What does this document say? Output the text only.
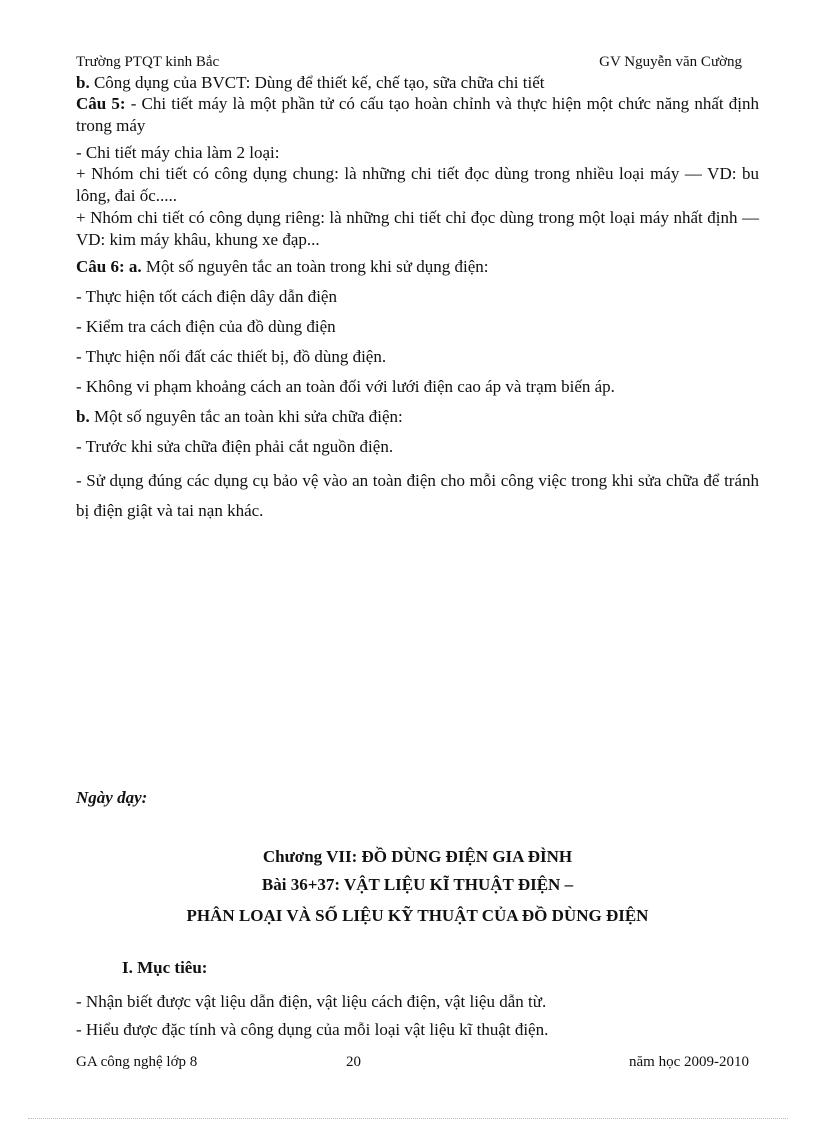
Trường PTQT kinh Bắc	GV Nguyễn văn Cường

b. Công dụng của BVCT: Dùng để thiết kế, chế tạo, sữa chữa chi tiết

Câu 5: - Chi tiết máy là một phần tử có cấu tạo hoàn chỉnh và thực hiện một chức năng nhất định trong máy

- Chi tiết máy chia làm 2 loại:

+ Nhóm chi tiết có công dụng chung: là những chi tiết đọc dùng trong nhiều loại máy — VD: bu lông, đai ốc.....

+ Nhóm chi tiết có công dụng riêng: là những chi tiết chỉ đọc dùng trong một loại máy nhất định — VD: kim máy khâu, khung xe đạp...

Câu 6: a. Một số nguyên tắc an toàn trong khi sử dụng điện:

- Thực hiện tốt cách điện dây dẫn điện

- Kiểm tra cách điện của đồ dùng điện

- Thực hiện nối đất các thiết bị, đồ dùng điện.

- Không vi phạm khoảng cách an toàn đối với lưới điện cao áp và trạm biến áp.

b. Một số nguyên tắc an toàn khi sửa chữa điện:

- Trước khi sửa chữa điện phải cắt nguồn điện.

- Sử dụng đúng các dụng cụ bảo vệ vào an toàn điện cho mỗi công việc trong khi sửa chữa để tránh bị điện giật và tai nạn khác.

Ngày dạy:
Chương VII: ĐỒ DÙNG ĐIỆN GIA ĐÌNH
Bài 36+37: VẬT LIỆU KĨ THUẬT ĐIỆN –
PHÂN LOẠI VÀ SỐ LIỆU KỸ THUẬT CỦA ĐỒ DÙNG ĐIỆN
I. Mục tiêu:

- Nhận biết được vật liệu dẫn điện, vật liệu cách điện, vật liệu dẫn từ.

- Hiểu được đặc tính và công dụng của mỗi loại vật liệu kĩ thuật điện.

GA công nghệ lớp 8	20	năm học 2009-2010
